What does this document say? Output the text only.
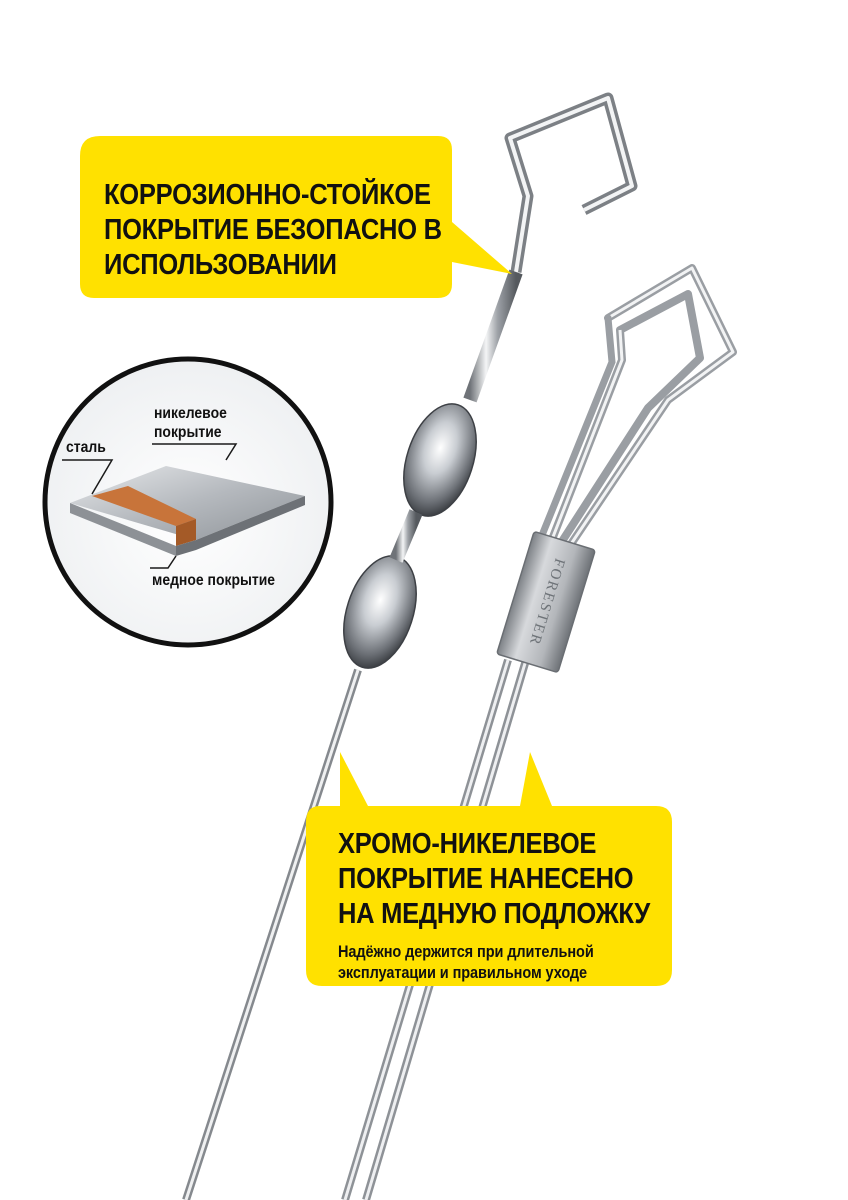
FORESTER
КОРРОЗИОННО-СТОЙКОЕ
ПОКРЫТИЕ БЕЗОПАСНО В
ИСПОЛЬЗОВАНИИ
ХРОМО-НИКЕЛЕВОЕ
ПОКРЫТИЕ НАНЕСЕНО
НА МЕДНУЮ ПОДЛОЖКУ
Надёжно держится при длительной
эксплуатации и правильном уходе
сталь
никелевое
покрытие
медное покрытие
